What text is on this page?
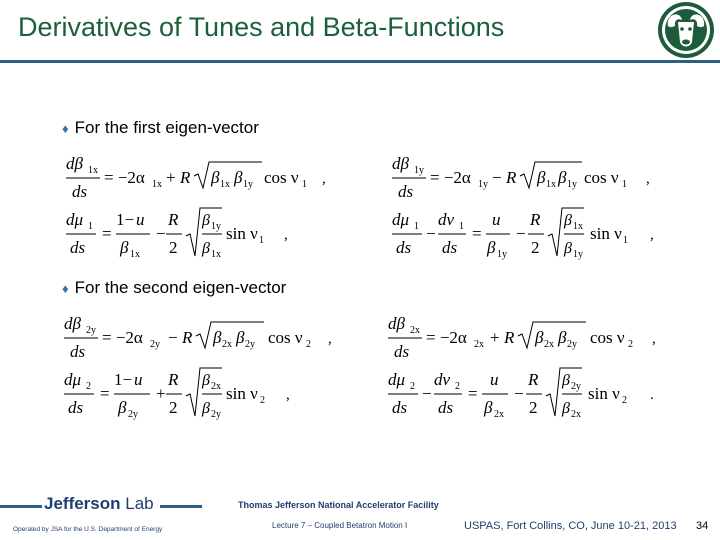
Derivatives of Tunes and Beta-Functions
♦ For the first eigen-vector
dβ 1x
ds
= −2α 1x + R β 1x β 1y cos ν 1 ,
dβ 1y
ds
= −2α 1y − R β 1x β 1y cos ν 1 ,
dμ 1
ds
=
1− u
β 1x
−
R
2
β 1y
β 1x
sin ν 1 ,
dμ 1
ds
−
dν 1
ds
=
u
β 1y
−
R
2
β 1x
β 1y
sin ν 1 ,
♦ For the second eigen-vector
dβ 2y
ds
= −2α 2y − R β 2x β 2y cos ν 2 ,
dβ 2x
ds
= −2α 2x + R β 2x β 2y cos ν 2 ,
dμ 2
ds
=
1− u
β 2y
+
R
2
β 2x
β 2y
sin ν 2 ,
dμ 2
ds
−
dν 2
ds
=
u
β 2x
−
R
2
β 2y
β 2x
sin ν 2 .
Jefferson Lab	Thomas Jefferson National Accelerator Facility
Operated by JSA for the U.S. Department of Energy	Lecture 7 – Coupled Betatron Motion I	USPAS, Fort Collins, CO, June 10-21, 2013 34
